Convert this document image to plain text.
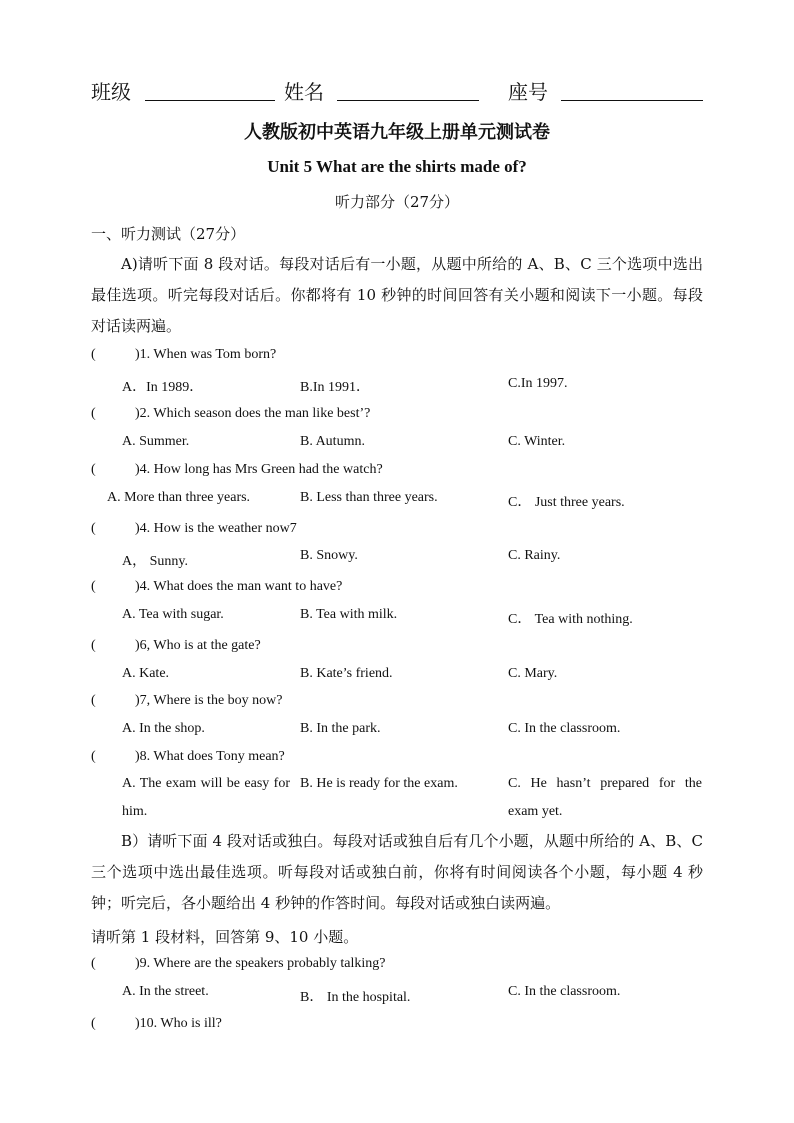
班级	姓名	座号
人教版初中英语九年级上册单元测试卷
Unit 5 What are the shirts made of?
听力部分（27分）
一、听力测试（27分）
A)请听下面 8 段对话。每段对话后有一小题，从题中所给的 A、B、C 三个选项中选出最佳选项。听完每段对话后。你都将有 10 秒钟的时间回答有关小题和阅读下一小题。每段对话读两遍。
(	)1. When was Tom born?
A．In 1989．	B.In 1991．	C.In 1997.
(	)2. Which season does the man like best’?
A. Summer.	B. Autumn.	C. Winter.
(	)4. How long has Mrs Green had the watch?
A. More than three years.	B. Less than three years.	C． Just three years.
(	)4. How is the weather now7
A， Sunny.	B. Snowy.	C. Rainy.
(	)4. What does the man want to have?
A. Tea with sugar.	B. Tea with milk.	C． Tea with nothing.
(	)6, Who is at the gate?
A. Kate.	B. Kate’s friend.	C. Mary.
(	)7, Where is the boy now?
A. In the shop.	B. In the park.	C. In the classroom.
(	)8. What does Tony mean?
A. The exam will be easy for him.
B. He is ready for the exam.	C. He hasn’t prepared for the exam yet.
B）请听下面 4 段对话或独白。每段对话或独自后有几个小题，从题中所给的 A、B、C 三个选项中选出最佳选项。听每段对话或独白前，你将有时间阅读各个小题，每小题 4 秒钟；听完后，各小题给出 4 秒钟的作答时间。每段对话或独白读两遍。
请听第 1 段材料，回答第 9、10 小题。
(	)9. Where are the speakers probably talking?
A. In the street.	B． In the hospital.	C. In the classroom.
(	)10. Who is ill?
